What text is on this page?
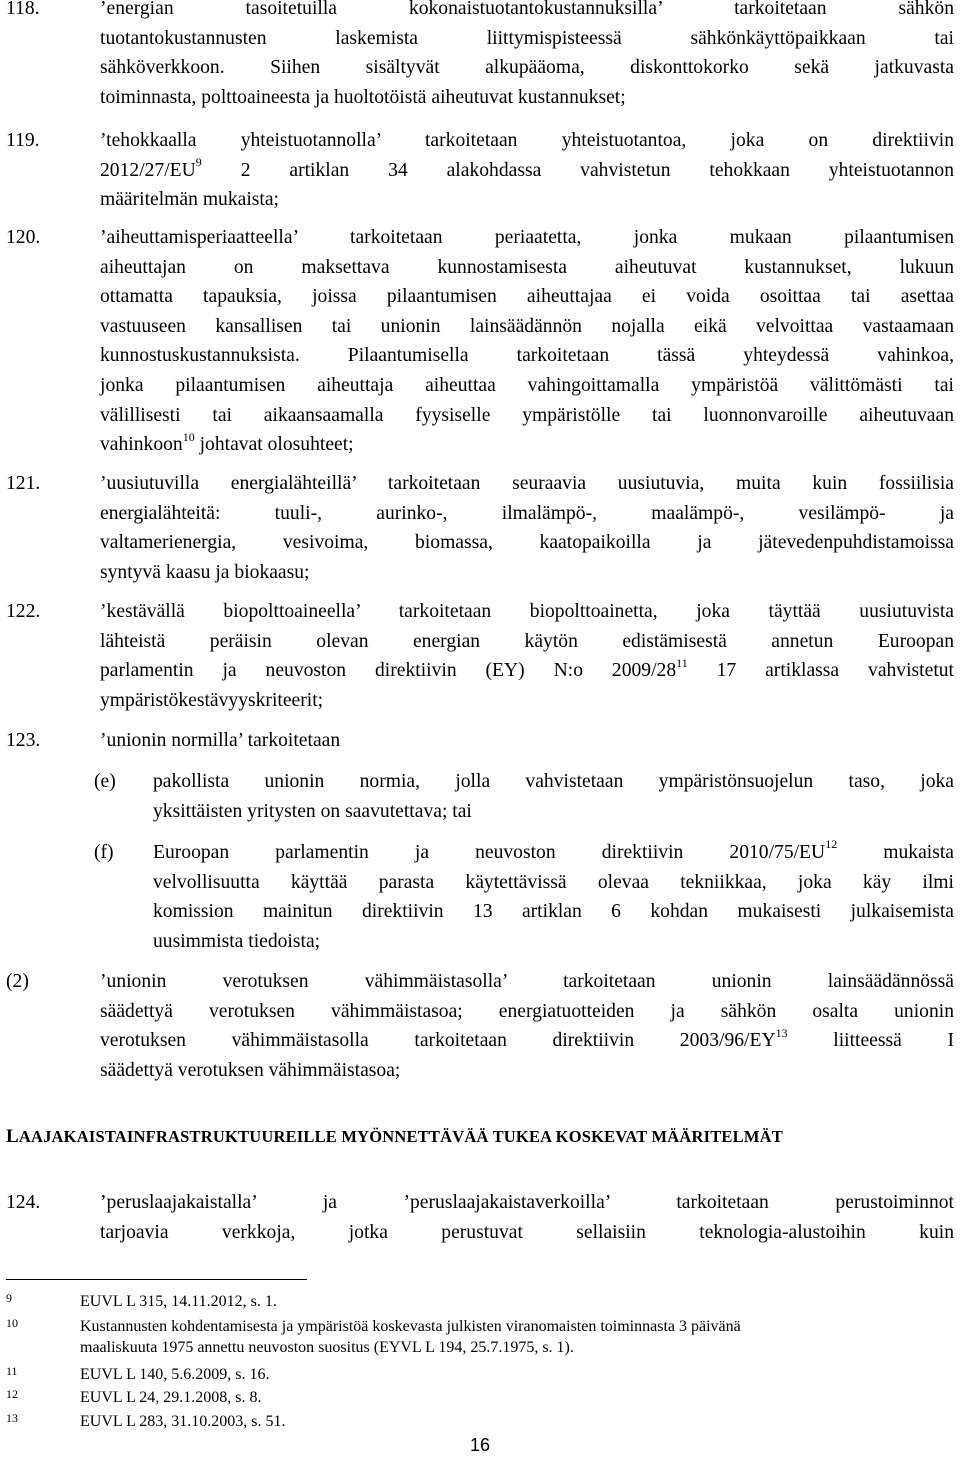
118.	’energian tasoitetuilla kokonaistuotantokustannuksilla’ tarkoitetaan sähkön
tuotantokustannusten laskemista liittymispisteessä sähkönkäyttöpaikkaan tai
sähköverkkoon. Siihen sisältyvät alkupääoma, diskonttokorko sekä jatkuvasta
toiminnasta, polttoaineesta ja huoltotöistä aiheutuvat kustannukset;
119.	’tehokkaalla yhteistuotannolla’ tarkoitetaan yhteistuotantoa, joka on direktiivin
$2012/27/EU^9$ 2 artiklan 34 alakohdassa vahvistetun tehokkaan yhteistuotannon
määritelmän mukaista;
120.	’aiheuttamisperiaatteella’ tarkoitetaan periaatetta, jonka mukaan pilaantumisen
aiheuttajan on maksettava kunnostamisesta aiheutuvat kustannukset, lukuun
ottamatta tapauksia, joissa pilaantumisen aiheuttajaa ei voida osoittaa tai asettaa
vastuuseen kansallisen tai unionin lainsäädännön nojalla eikä velvoittaa vastaamaan
kunnostuskustannuksista. Pilaantumisella tarkoitetaan tässä yhteydessä vahinkoa,
jonka pilaantumisen aiheuttaja aiheuttaa vahingoittamalla ympäristöä välittömästi tai
välillisesti tai aikaansaamalla fyysiselle ympäristölle tai luonnonvaroille aiheutuvaan
vahinkoon$^{10}$ johtavat olosuhteet;
121.	’uusiutuvilla energialähteillä’ tarkoitetaan seuraavia uusiutuvia, muita kuin fossiilisia
energialähteitä: tuuli-, aurinko-, ilmalämpö-, maalämpö-, vesilämpö- ja
valtamerienergia, vesivoima, biomassa, kaatopaikoilla ja jätevedenpuhdistamoissa
syntyvä kaasu ja biokaasu;
122.	’kestävällä biopolttoaineella’ tarkoitetaan biopolttoainetta, joka täyttää uusiutuvista
lähteistä peräisin olevan energian käytön edistämisestä annetun Euroopan
parlamentin ja neuvoston direktiivin (EY) N:o $2009/28^{11}$ 17 artiklassa vahvistetut
ympäristökestävyyskriteerit;
123.	’unionin normilla’ tarkoitetaan
(e)	pakollista unionin normia, jolla vahvistetaan ympäristönsuojelun taso, joka
yksittäisten yritysten on saavutettava; tai
(f)	Euroopan parlamentin ja neuvoston direktiivin 2010/75/EU$^{12}$ mukaista
velvollisuutta käyttää parasta käytettävissä olevaa tekniikkaa, joka käy ilmi
komission mainitun direktiivin 13 artiklan 6 kohdan mukaisesti julkaisemista
uusimmista tiedoista;
(2)	’unionin verotuksen vähimmäistasolla’ tarkoitetaan unionin lainsäädännössä
säädettyä verotuksen vähimmäistasoa; energiatuotteiden ja sähkön osalta unionin
verotuksen vähimmäistasolla tarkoitetaan direktiivin 2003/96/EY$^{13}$ liitteessä I
säädettyä verotuksen vähimmäistasoa;
LAAJAKAISTAINFRASTRUKTUUREILLE MYÖNNETTÄVÄÄ TUKEA KOSKEVAT MÄÄRITELMÄT
124.	’peruslaajakaistalla’ ja ’peruslaajakaistaverkoilla’ tarkoitetaan perustoiminnot
tarjoavia verkkoja, jotka perustuvat sellaisiin teknologia-alustoihin kuin
9	EUVL L 315, 14.11.2012, s. 1.
10	Kustannusten kohdentamisesta ja ympäristöä koskevasta julkisten viranomaisten toiminnasta 3 päivänä
maaliskuuta 1975 annettu neuvoston suositus (EYVL L 194, 25.7.1975, s. 1).
11	EUVL L 140, 5.6.2009, s. 16.
12	EUVL L 24, 29.1.2008, s. 8.
13	EUVL L 283, 31.10.2003, s. 51.
16
